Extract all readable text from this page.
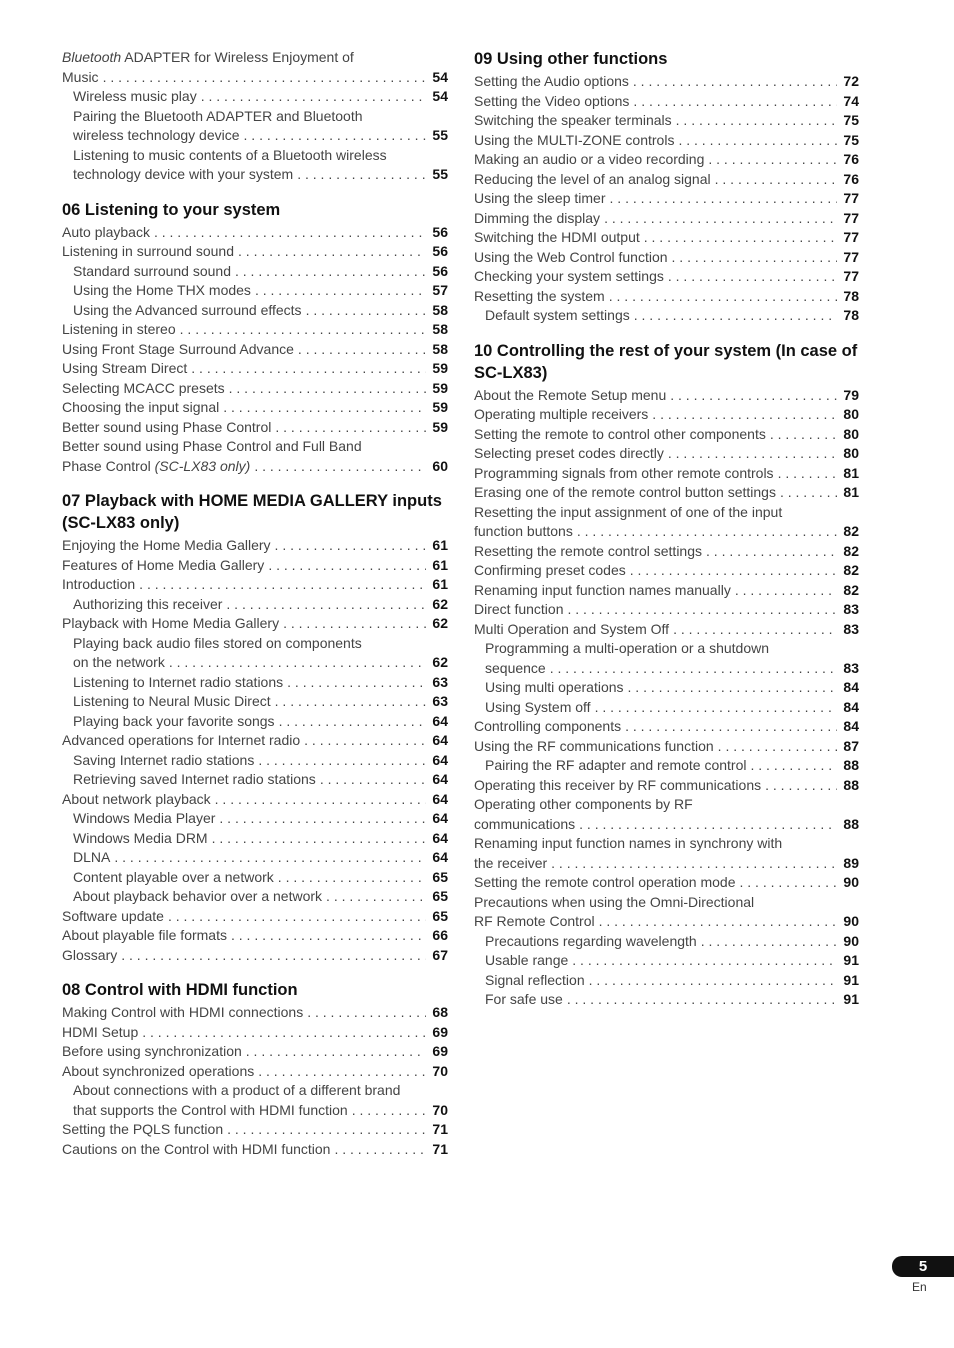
Bluetooth ADAPTER for Wireless Enjoyment of
Music . . .	54
Wireless music play . . .	54
Pairing the Bluetooth ADAPTER and Bluetooth
wireless technology device . . .	55
Listening to music contents of a Bluetooth wireless
technology device with your system . . .	55
06 Listening to your system
Auto playback . . .	56
Listening in surround sound . . .	56
Standard surround sound . . .	56
Using the Home THX modes . . .	57
Using the Advanced surround effects . . .	58
Listening in stereo . . .	58
Using Front Stage Surround Advance . . .	58
Using Stream Direct . . .	59
Selecting MCACC presets . . .	59
Choosing the input signal . . .	59
Better sound using Phase Control . . .	59
Better sound using Phase Control and Full Band
Phase Control (SC-LX83 only) . . .	60
07 Playback with HOME MEDIA GALLERY inputs (SC-LX83 only)
Enjoying the Home Media Gallery . . .	61
Features of Home Media Gallery . . .	61
Introduction . . .	61
Authorizing this receiver . . .	62
Playback with Home Media Gallery . . .	62
Playing back audio files stored on components
on the network . . .	62
Listening to Internet radio stations . . .	63
Listening to Neural Music Direct . . .	63
Playing back your favorite songs . . .	64
Advanced operations for Internet radio . . .	64
Saving Internet radio stations . . .	64
Retrieving saved Internet radio stations . . .	64
About network playback . . .	64
Windows Media Player . . .	64
Windows Media DRM . . .	64
DLNA . . .	64
Content playable over a network . . .	65
About playback behavior over a network . . .	65
Software update . . .	65
About playable file formats . . .	66
Glossary . . .	67
08 Control with HDMI function
Making Control with HDMI connections . . .	68
HDMI Setup . . .	69
Before using synchronization . . .	69
About synchronized operations . . .	70
About connections with a product of a different brand
that supports the Control with HDMI function . . .	70
Setting the PQLS function . . .	71
Cautions on the Control with HDMI function . . .	71
09 Using other functions
Setting the Audio options . . .	72
Setting the Video options . . .	74
Switching the speaker terminals . . .	75
Using the MULTI-ZONE controls . . .	75
Making an audio or a video recording . . .	76
Reducing the level of an analog signal . . .	76
Using the sleep timer . . .	77
Dimming the display . . .	77
Switching the HDMI output . . .	77
Using the Web Control function . . .	77
Checking your system settings . . .	77
Resetting the system . . .	78
Default system settings . . .	78
10 Controlling the rest of your system (In case of SC-LX83)
About the Remote Setup menu . . .	79
Operating multiple receivers . . .	80
Setting the remote to control other components . . .	80
Selecting preset codes directly . . .	80
Programming signals from other remote controls . . .	81
Erasing one of the remote control button settings . . .	81
Resetting the input assignment of one of the input
function buttons . . .	82
Resetting the remote control settings . . .	82
Confirming preset codes . . .	82
Renaming input function names manually . . .	82
Direct function . . .	83
Multi Operation and System Off . . .	83
Programming a multi-operation or a shutdown
sequence . . .	83
Using multi operations . . .	84
Using System off . . .	84
Controlling components . . .	84
Using the RF communications function . . .	87
Pairing the RF adapter and remote control . . .	88
Operating this receiver by RF communications . . .	88
Operating other components by RF
communications . . .	88
Renaming input function names in synchrony with
the receiver . . .	89
Setting the remote control operation mode . . .	90
Precautions when using the Omni-Directional
RF Remote Control . . .	90
Precautions regarding wavelength . . .	90
Usable range . . .	91
Signal reflection . . .	91
For safe use . . .	91
5
En
